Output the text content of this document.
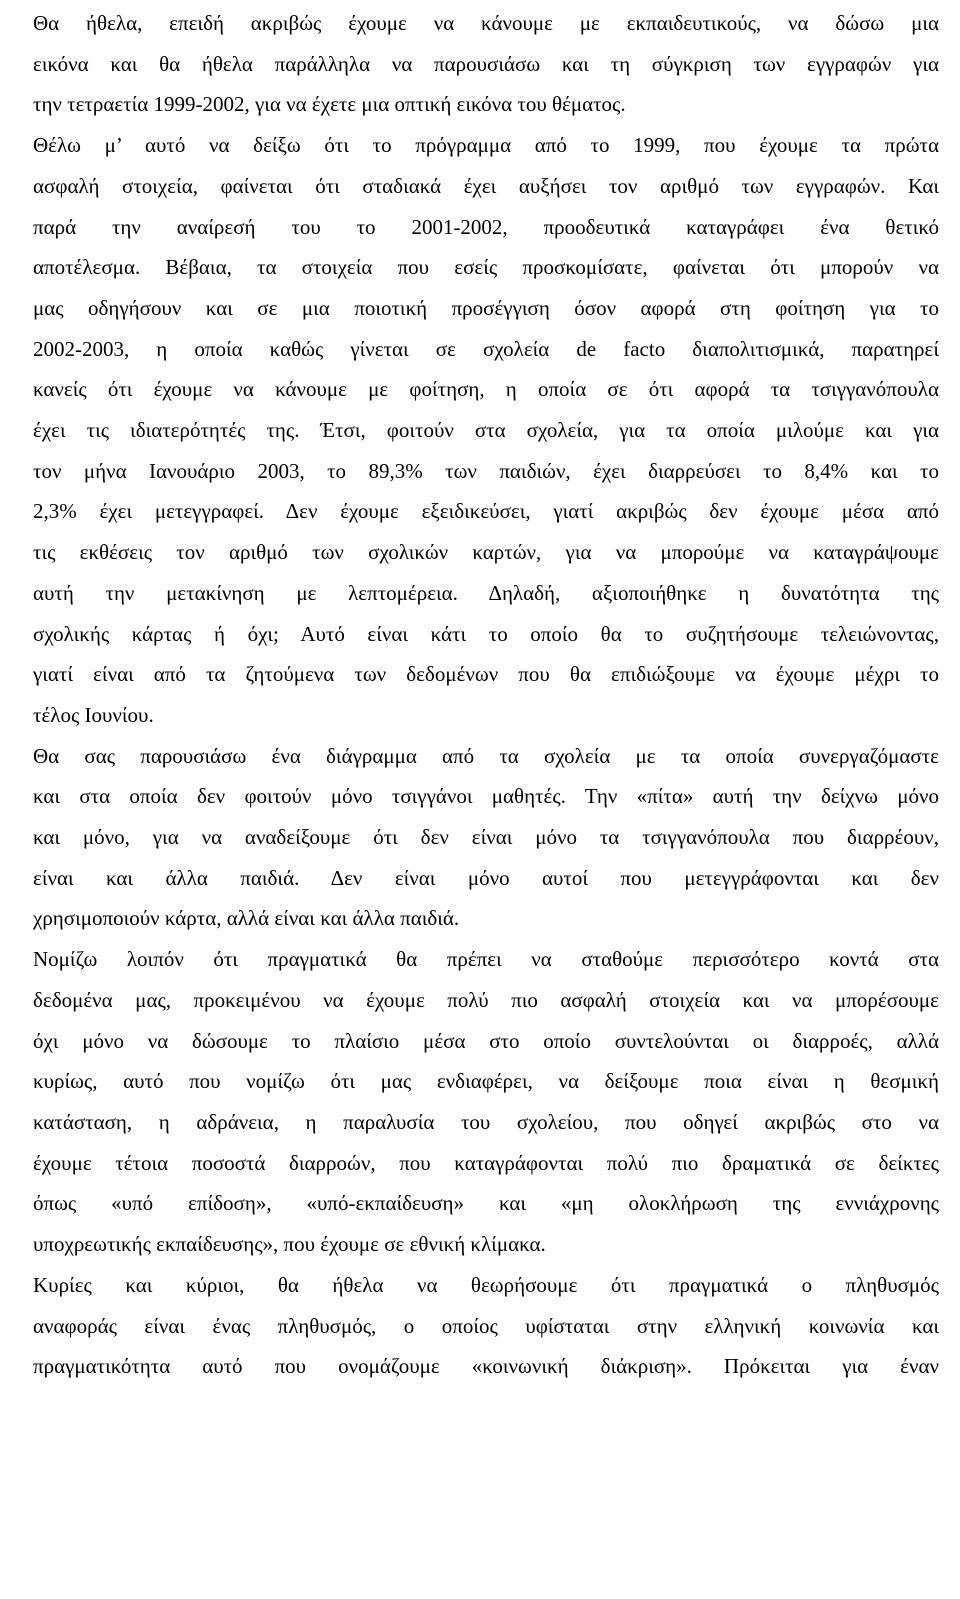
Θα ήθελα, επειδή ακριβώς έχουμε να κάνουμε με εκπαιδευτικούς, να δώσω μια
εικόνα και θα ήθελα παράλληλα να παρουσιάσω και τη σύγκριση των εγγραφών για
την τετραετία 1999-2002, για να έχετε μια οπτική εικόνα του θέματος.

Θέλω μ’ αυτό να δείξω ότι το πρόγραμμα από το 1999, που έχουμε τα πρώτα
ασφαλή στοιχεία, φαίνεται ότι σταδιακά έχει αυξήσει τον αριθμό των εγγραφών. Και
παρά την αναίρεσή του το 2001-2002, προοδευτικά καταγράφει ένα θετικό
αποτέλεσμα. Βέβαια, τα στοιχεία που εσείς προσκομίσατε, φαίνεται ότι μπορούν να
μας οδηγήσουν και σε μια ποιοτική προσέγγιση όσον αφορά στη φοίτηση για το
2002-2003, η οποία καθώς γίνεται σε σχολεία de facto διαπολιτισμικά, παρατηρεί
κανείς ότι έχουμε να κάνουμε με φοίτηση, η οποία σε ότι αφορά τα τσιγγανόπουλα
έχει τις ιδιατερότητές της. Έτσι, φοιτούν στα σχολεία, για τα οποία μιλούμε και για
τον μήνα Ιανουάριο 2003, το 89,3% των παιδιών, έχει διαρρεύσει το 8,4% και το
2,3% έχει μετεγγραφεί. Δεν έχουμε εξειδικεύσει, γιατί ακριβώς δεν έχουμε μέσα από
τις εκθέσεις τον αριθμό των σχολικών καρτών, για να μπορούμε να καταγράψουμε
αυτή την μετακίνηση με λεπτομέρεια. Δηλαδή, αξιοποιήθηκε η δυνατότητα της
σχολικής κάρτας ή όχι; Αυτό είναι κάτι το οποίο θα το συζητήσουμε τελειώνοντας,
γιατί είναι από τα ζητούμενα των δεδομένων που θα επιδιώξουμε να έχουμε μέχρι το
τέλος Ιουνίου.

Θα σας παρουσιάσω ένα διάγραμμα από τα σχολεία με τα οποία συνεργαζόμαστε
και στα οποία δεν φοιτούν μόνο τσιγγάνοι μαθητές. Την «πίτα» αυτή την δείχνω μόνο
και μόνο, για να αναδείξουμε ότι δεν είναι μόνο τα τσιγγανόπουλα που διαρρέουν,
είναι και άλλα παιδιά. Δεν είναι μόνο αυτοί που μετεγγράφονται και δεν
χρησιμοποιούν κάρτα, αλλά είναι και άλλα παιδιά.

Νομίζω λοιπόν ότι πραγματικά θα πρέπει να σταθούμε περισσότερο κοντά στα
δεδομένα μας, προκειμένου να έχουμε πολύ πιο ασφαλή στοιχεία και να μπορέσουμε
όχι μόνο να δώσουμε το πλαίσιο μέσα στο οποίο συντελούνται οι διαρροές, αλλά
κυρίως, αυτό που νομίζω ότι μας ενδιαφέρει, να δείξουμε ποια είναι η θεσμική
κατάσταση, η αδράνεια, η παραλυσία του σχολείου, που οδηγεί ακριβώς στο να
έχουμε τέτοια ποσοστά διαρροών, που καταγράφονται πολύ πιο δραματικά σε δείκτες
όπως «υπό επίδοση», «υπό-εκπαίδευση» και «μη ολοκλήρωση της εννιάχρονης
υποχρεωτικής εκπαίδευσης», που έχουμε σε εθνική κλίμακα.

Κυρίες και κύριοι, θα ήθελα να θεωρήσουμε ότι πραγματικά ο πληθυσμός
αναφοράς είναι ένας πληθυσμός, ο οποίος υφίσταται στην ελληνική κοινωνία και
πραγματικότητα αυτό που ονομάζουμε «κοινωνική διάκριση». Πρόκειται για έναν
